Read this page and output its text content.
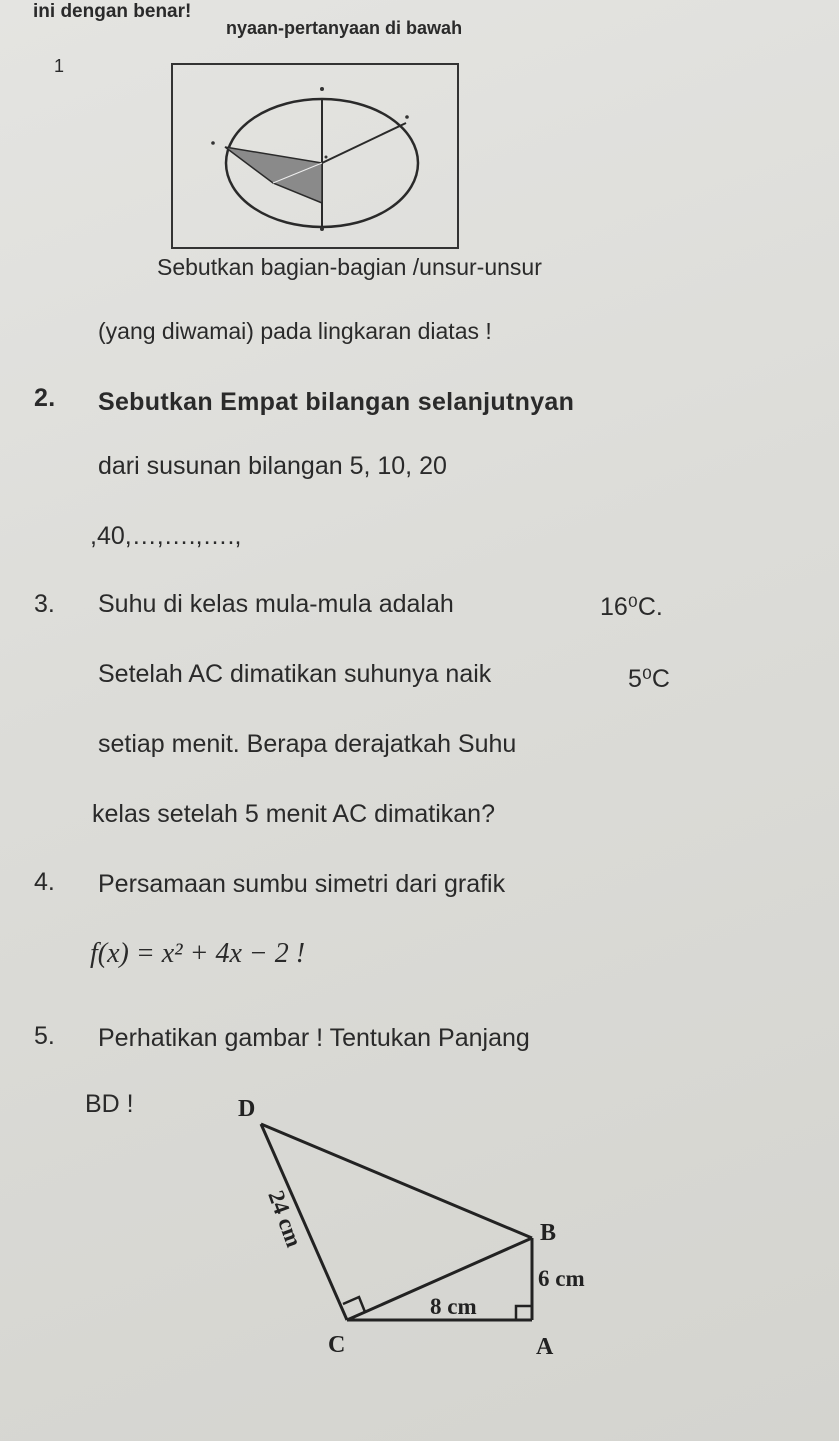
nyaan-pertanyaan di bawah
ini dengan benar!
1
Sebutkan bagian-bagian /unsur-unsur
(yang diwamai) pada lingkaran diatas !
2. Sebutkan Empat bilangan selanjutnyan
dari susunan bilangan 5, 10, 20
,40,…,….,….,
3. Suhu di kelas mula-mula adalah	16⁰C.
Setelah AC dimatikan suhunya naik	5⁰C
setiap menit. Berapa derajatkah Suhu
kelas setelah 5 menit AC dimatikan?
4. Persamaan sumbu simetri dari grafik
f(x) = x² + 4x − 2 !
5. Perhatikan gambar ! Tentukan Panjang
BD !	D
B
C	A
24 cm
6 cm
8 cm
